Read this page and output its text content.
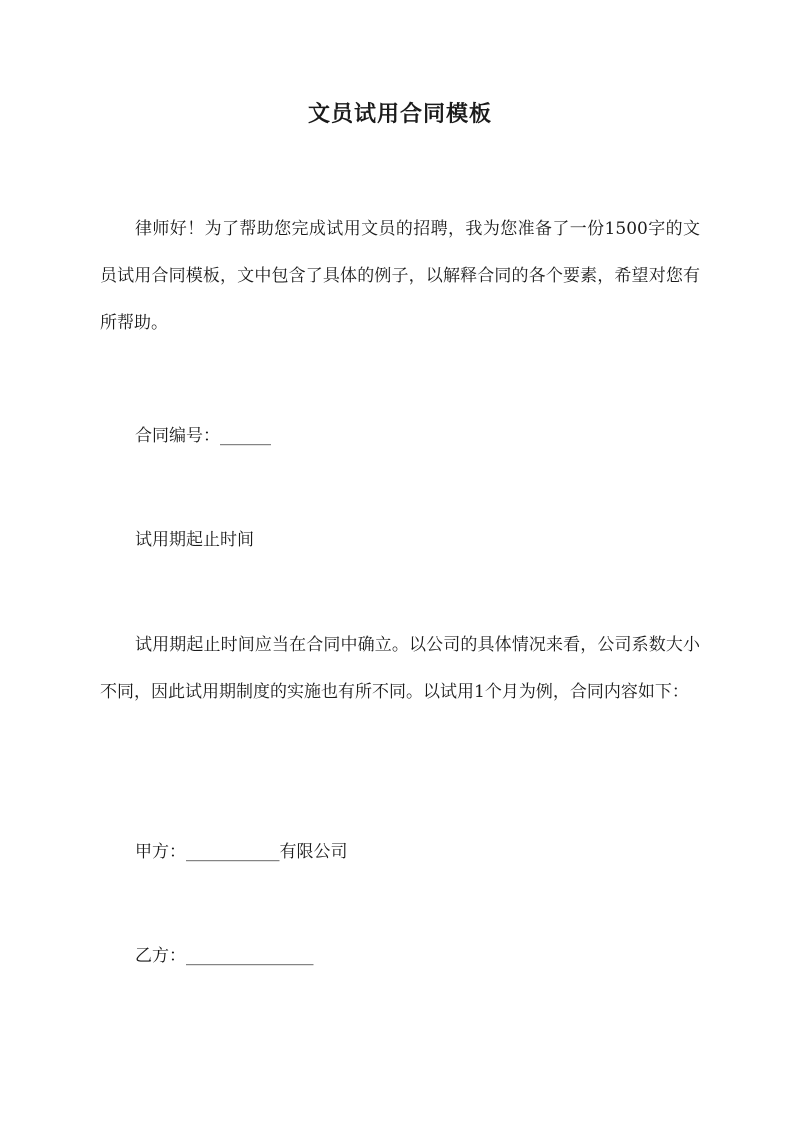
文员试用合同模板

律师好！为了帮助您完成试用文员的招聘，我为您准备了一份1500字的文员试用合同模板，文中包含了具体的例子，以解释合同的各个要素，希望对您有所帮助。

合同编号：______

试用期起止时间

试用期起止时间应当在合同中确立。以公司的具体情况来看，公司系数大小不同，因此试用期制度的实施也有所不同。以试用1个月为例，合同内容如下：

甲方：___________有限公司

乙方：_______________
